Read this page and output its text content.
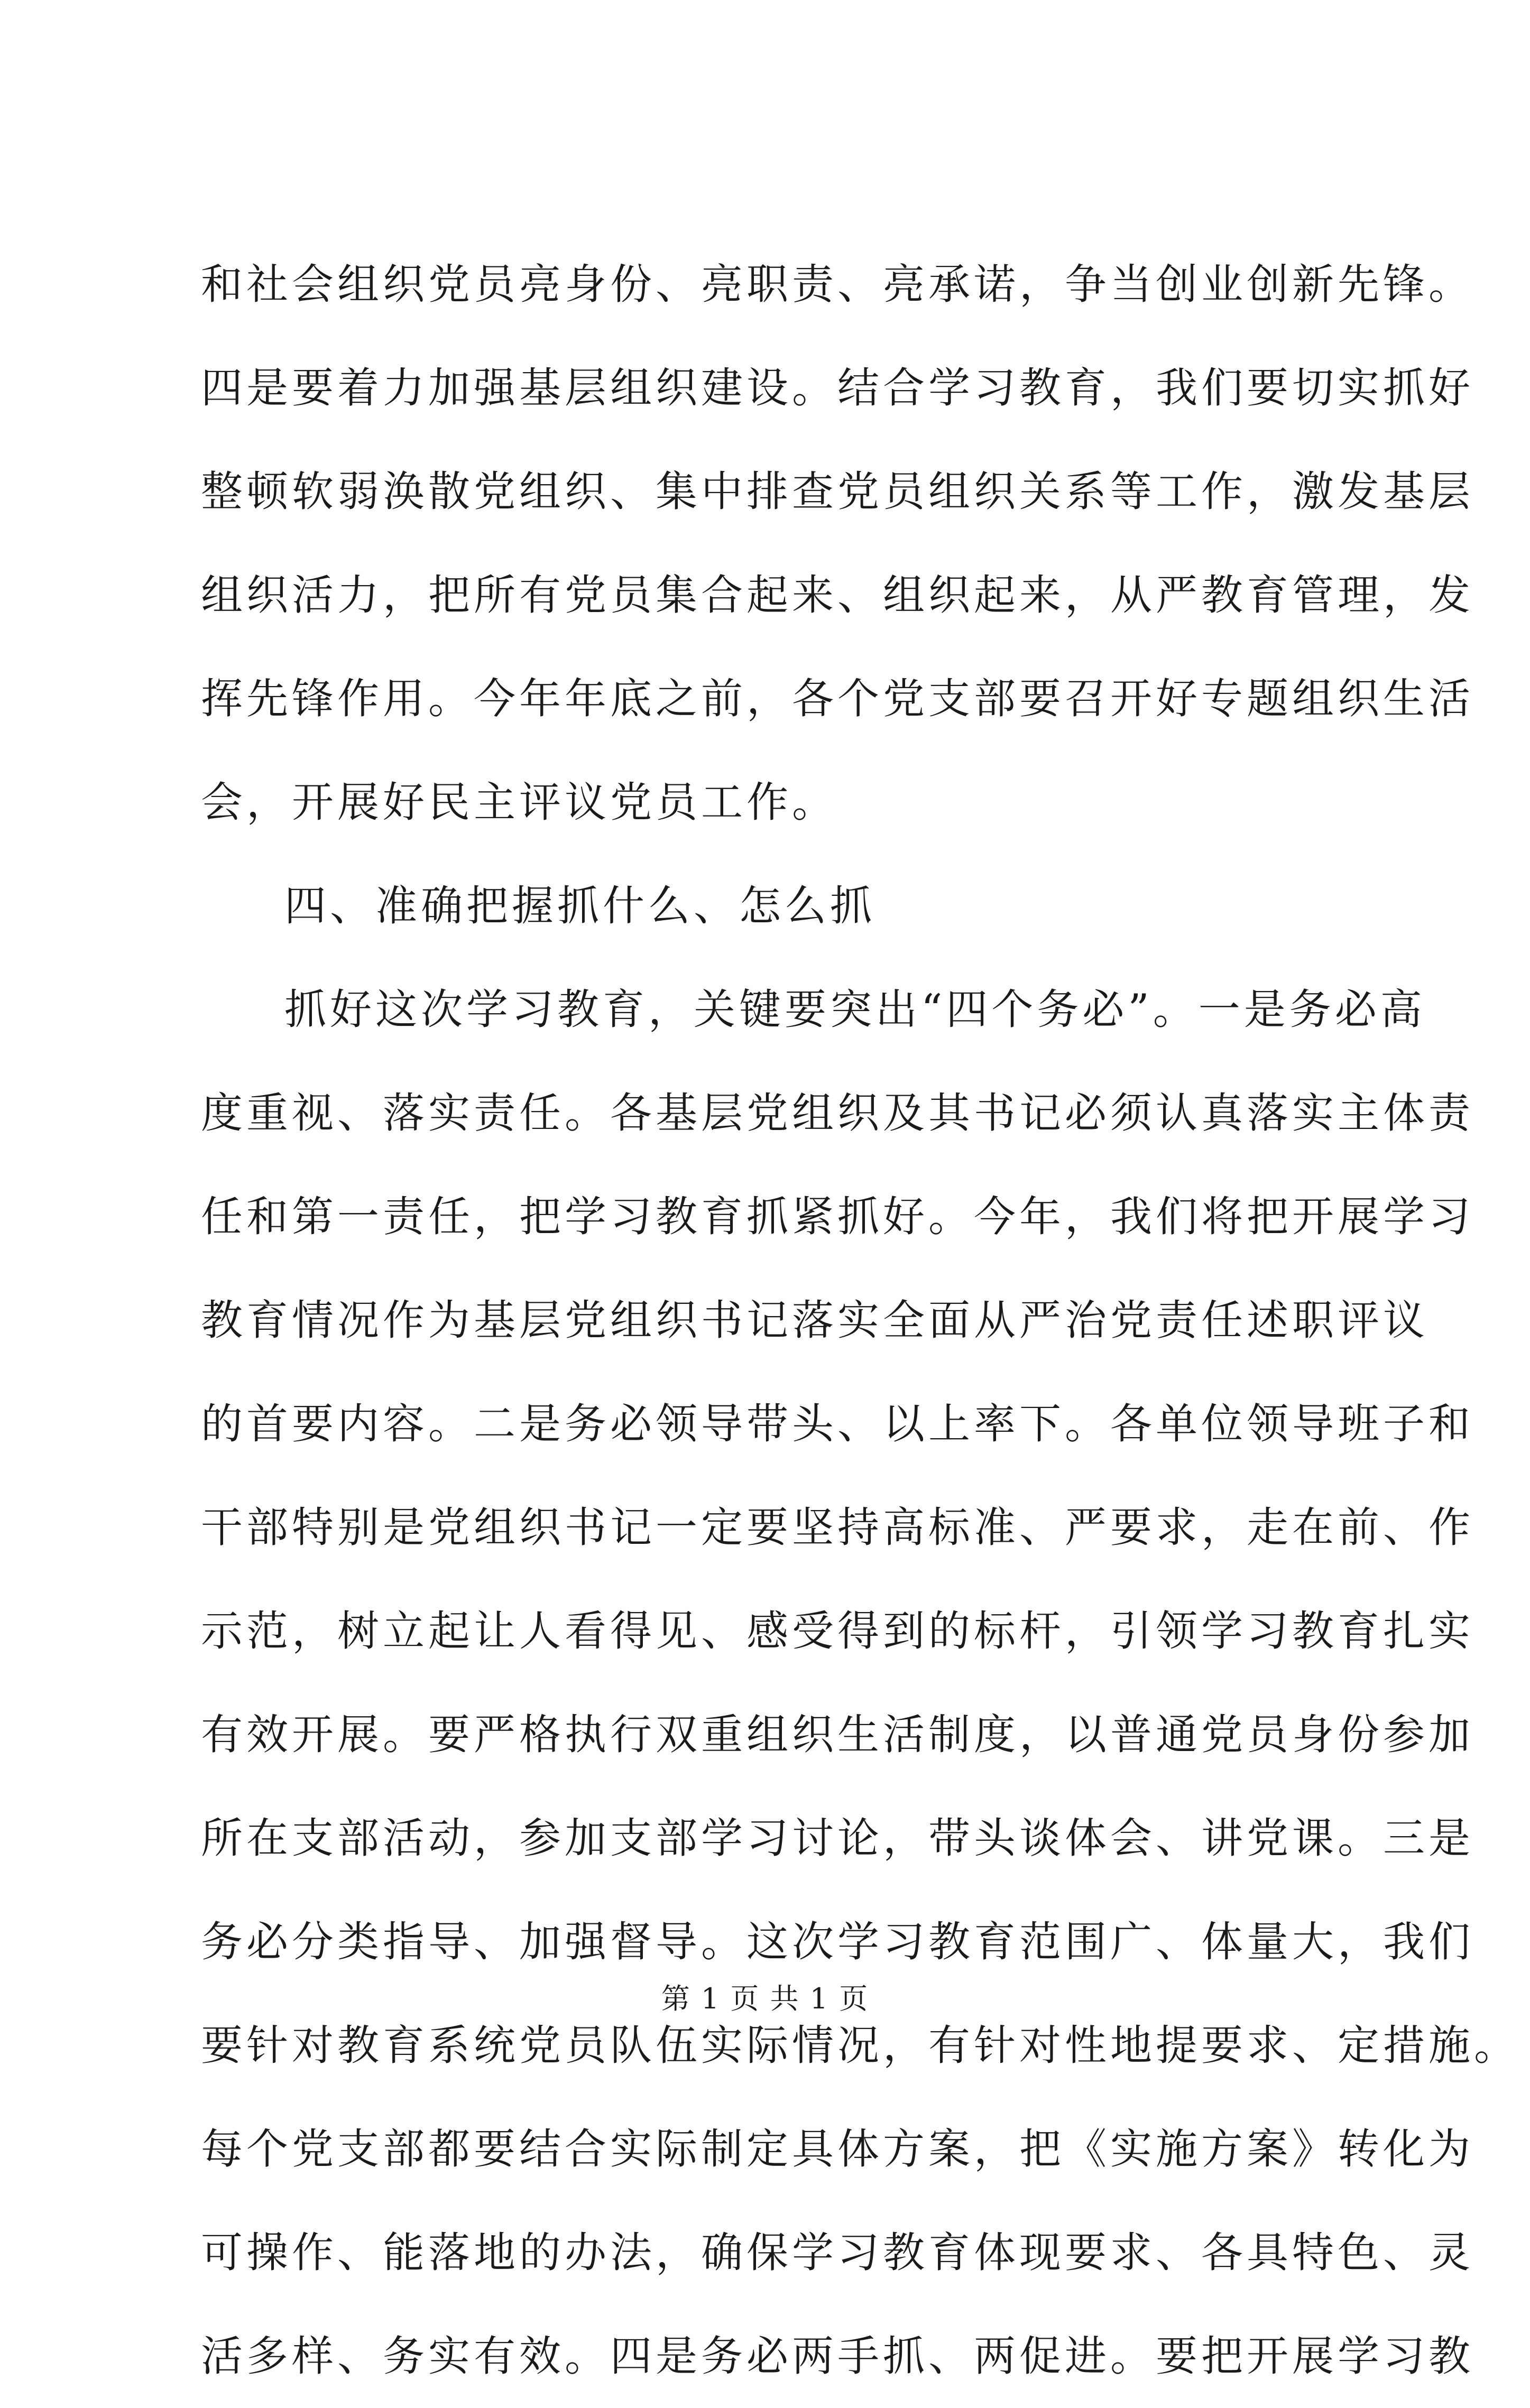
和社会组织党员亮身份、亮职责、亮承诺，争当创业创新先锋。
四是要着力加强基层组织建设。结合学习教育，我们要切实抓好
整顿软弱涣散党组织、集中排查党员组织关系等工作，激发基层
组织活力，把所有党员集合起来、组织起来，从严教育管理，发
挥先锋作用。今年年底之前，各个党支部要召开好专题组织生活
会，开展好民主评议党员工作。
四、准确把握抓什么、怎么抓
抓好这次学习教育，关键要突出“四个务必”。一是务必高
度重视、落实责任。各基层党组织及其书记必须认真落实主体责
任和第一责任，把学习教育抓紧抓好。今年，我们将把开展学习
教育情况作为基层党组织书记落实全面从严治党责任述职评议
的首要内容。二是务必领导带头、以上率下。各单位领导班子和
干部特别是党组织书记一定要坚持高标准、严要求，走在前、作
示范，树立起让人看得见、感受得到的标杆，引领学习教育扎实
有效开展。要严格执行双重组织生活制度，以普通党员身份参加
所在支部活动，参加支部学习讨论，带头谈体会、讲党课。三是
务必分类指导、加强督导。这次学习教育范围广、体量大，我们
要针对教育系统党员队伍实际情况，有针对性地提要求、定措施。
每个党支部都要结合实际制定具体方案，把《实施方案》转化为
可操作、能落地的办法，确保学习教育体现要求、各具特色、灵
活多样、务实有效。四是务必两手抓、两促进。要把开展学习教
第 1 页 共 1 页
